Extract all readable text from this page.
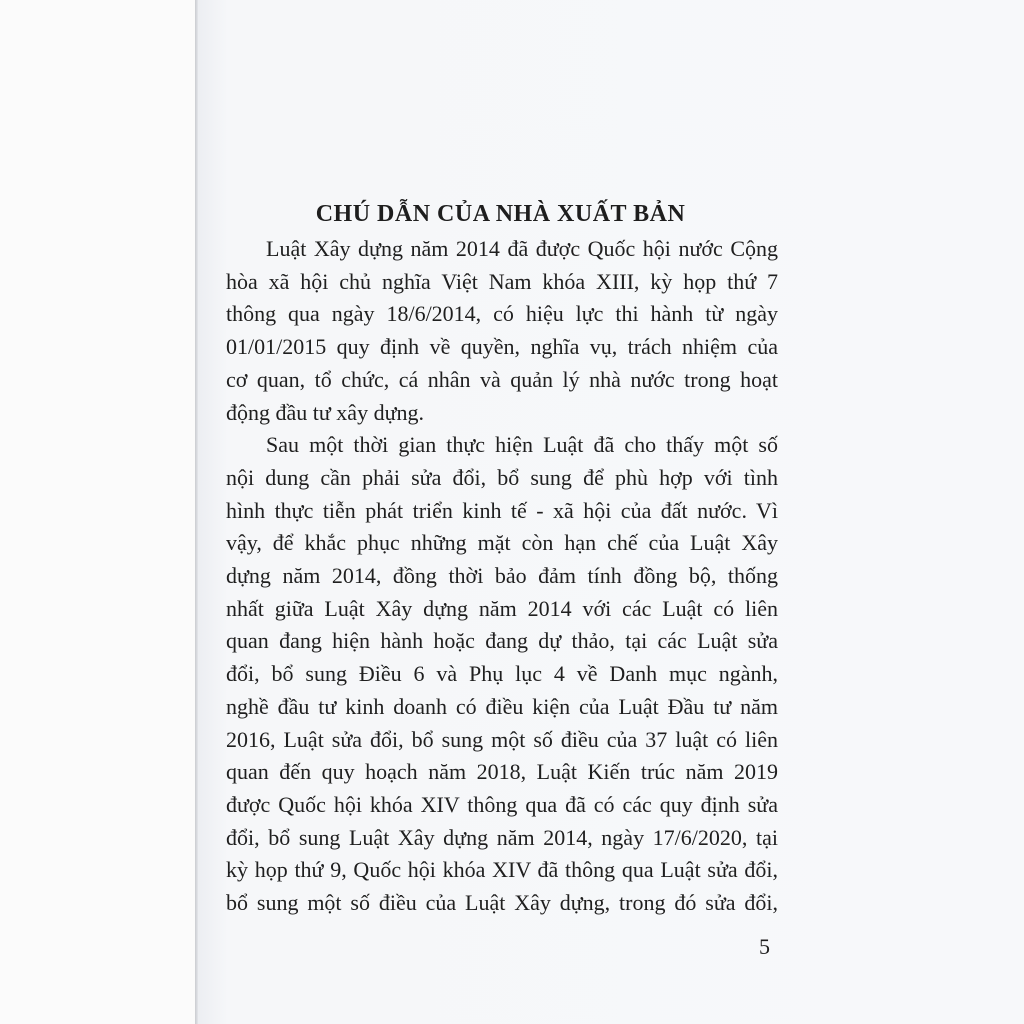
CHÚ DẪN CỦA NHÀ XUẤT BẢN
Luật Xây dựng năm 2014 đã được Quốc hội nước Cộng
hòa xã hội chủ nghĩa Việt Nam khóa XIII, kỳ họp thứ 7
thông qua ngày 18/6/2014, có hiệu lực thi hành từ ngày
01/01/2015 quy định về quyền, nghĩa vụ, trách nhiệm của
cơ quan, tổ chức, cá nhân và quản lý nhà nước trong hoạt
động đầu tư xây dựng.
Sau một thời gian thực hiện Luật đã cho thấy một số
nội dung cần phải sửa đổi, bổ sung để phù hợp với tình
hình thực tiễn phát triển kinh tế - xã hội của đất nước. Vì
vậy, để khắc phục những mặt còn hạn chế của Luật Xây
dựng năm 2014, đồng thời bảo đảm tính đồng bộ, thống
nhất giữa Luật Xây dựng năm 2014 với các Luật có liên
quan đang hiện hành hoặc đang dự thảo, tại các Luật sửa
đổi, bổ sung Điều 6 và Phụ lục 4 về Danh mục ngành,
nghề đầu tư kinh doanh có điều kiện của Luật Đầu tư năm
2016, Luật sửa đổi, bổ sung một số điều của 37 luật có liên
quan đến quy hoạch năm 2018, Luật Kiến trúc năm 2019
được Quốc hội khóa XIV thông qua đã có các quy định sửa
đổi, bổ sung Luật Xây dựng năm 2014, ngày 17/6/2020, tại
kỳ họp thứ 9, Quốc hội khóa XIV đã thông qua Luật sửa đổi,
bổ sung một số điều của Luật Xây dựng, trong đó sửa đổi,
5
